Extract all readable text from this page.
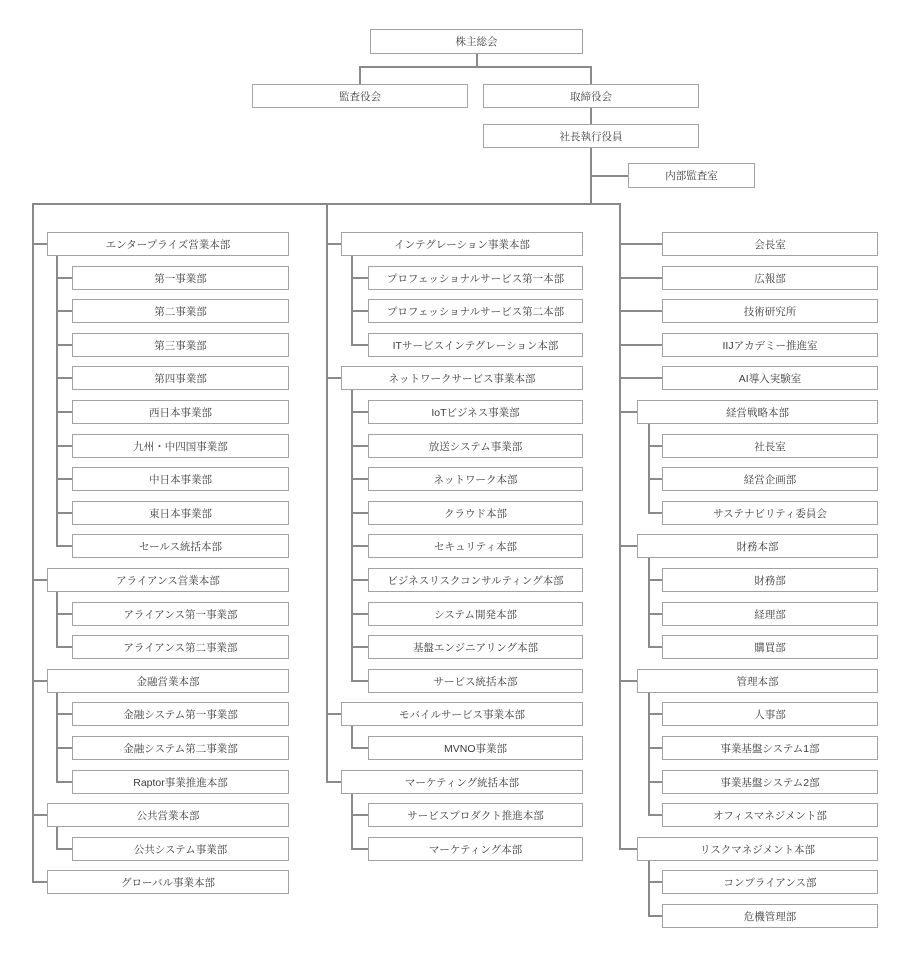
株主総会
監査役会	取締役会
社長執行役員
内部監査室
エンタープライズ営業本部
第一事業部
第二事業部
第三事業部
第四事業部
西日本事業部
九州・中四国事業部
中日本事業部
東日本事業部
セールス統括本部
アライアンス営業本部
アライアンス第一事業部
アライアンス第二事業部
金融営業本部
金融システム第一事業部
金融システム第二事業部
Raptor事業推進本部
公共営業本部
公共システム事業部
グローバル事業本部
インテグレーション事業本部
プロフェッショナルサービス第一本部
プロフェッショナルサービス第二本部
ITサービスインテグレーション本部
ネットワークサービス事業本部
IoTビジネス事業部
放送システム事業部
ネットワーク本部
クラウド本部
セキュリティ本部
ビジネスリスクコンサルティング本部
システム開発本部
基盤エンジニアリング本部
サービス統括本部
モバイルサービス事業本部
MVNO事業部
マーケティング統括本部
サービスプロダクト推進本部
マーケティング本部
会長室
広報部
技術研究所
IIJアカデミー推進室
AI導入実験室
経営戦略本部
社長室
経営企画部
サステナビリティ委員会
財務本部
財務部
経理部
購買部
管理本部
人事部
事業基盤システム1部
事業基盤システム2部
オフィスマネジメント部
リスクマネジメント本部
コンプライアンス部
危機管理部
